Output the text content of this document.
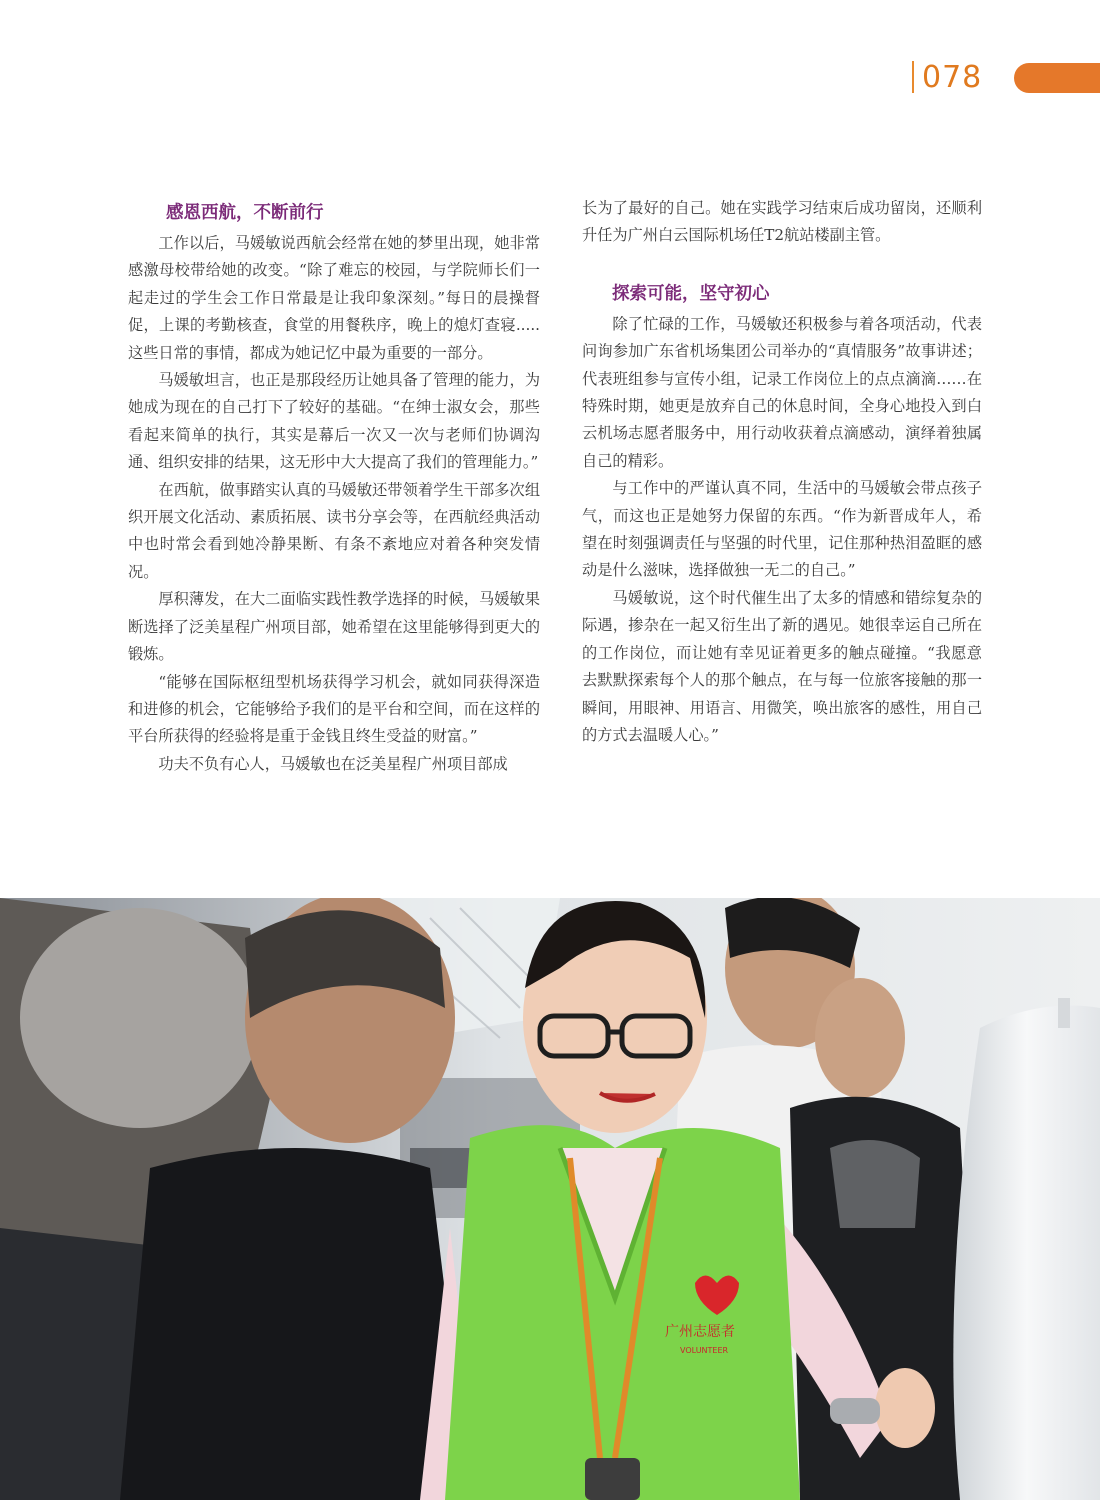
078
感恩西航，不断前行

工作以后，马媛敏说西航会经常在她的梦里出现，她非常感激母校带给她的改变。“除了难忘的校园，与学院师长们一起走过的学生会工作日常最是让我印象深刻。”每日的晨操督促，上课的考勤核查，食堂的用餐秩序，晚上的熄灯查寝.....这些日常的事情，都成为她记忆中最为重要的一部分。

马媛敏坦言，也正是那段经历让她具备了管理的能力，为她成为现在的自己打下了较好的基础。“在绅士淑女会，那些看起来简单的执行，其实是幕后一次又一次与老师们协调沟通、组织安排的结果，这无形中大大提高了我们的管理能力。”

在西航，做事踏实认真的马媛敏还带领着学生干部多次组织开展文化活动、素质拓展、读书分享会等，在西航经典活动中也时常会看到她冷静果断、有条不紊地应对着各种突发情况。

厚积薄发，在大二面临实践性教学选择的时候，马媛敏果断选择了泛美星程广州项目部，她希望在这里能够得到更大的锻炼。

“能够在国际枢纽型机场获得学习机会，就如同获得深造和进修的机会，它能够给予我们的是平台和空间，而在这样的平台所获得的经验将是重于金钱且终生受益的财富。”

功夫不负有心人，马媛敏也在泛美星程广州项目部成

长为了最好的自己。她在实践学习结束后成功留岗，还顺利升任为广州白云国际机场任T2航站楼副主管。

探索可能，坚守初心

除了忙碌的工作，马媛敏还积极参与着各项活动，代表问询参加广东省机场集团公司举办的“真情服务”故事讲述；代表班组参与宣传小组，记录工作岗位上的点点滴滴……在特殊时期，她更是放弃自己的休息时间，全身心地投入到白云机场志愿者服务中，用行动收获着点滴感动，演绎着独属自己的精彩。

与工作中的严谨认真不同，生活中的马媛敏会带点孩子气，而这也正是她努力保留的东西。“作为新晋成年人，希望在时刻强调责任与坚强的时代里，记住那种热泪盈眶的感动是什么滋味，选择做独一无二的自己。”

马媛敏说，这个时代催生出了太多的情感和错综复杂的际遇，掺杂在一起又衍生出了新的遇见。她很幸运自己所在的工作岗位，而让她有幸见证着更多的触点碰撞。“我愿意去默默探索每个人的那个触点，在与每一位旅客接触的那一瞬间，用眼神、用语言、用微笑，唤出旅客的感性，用自己的方式去温暖人心。”

广州志愿者
VOLUNTEER
